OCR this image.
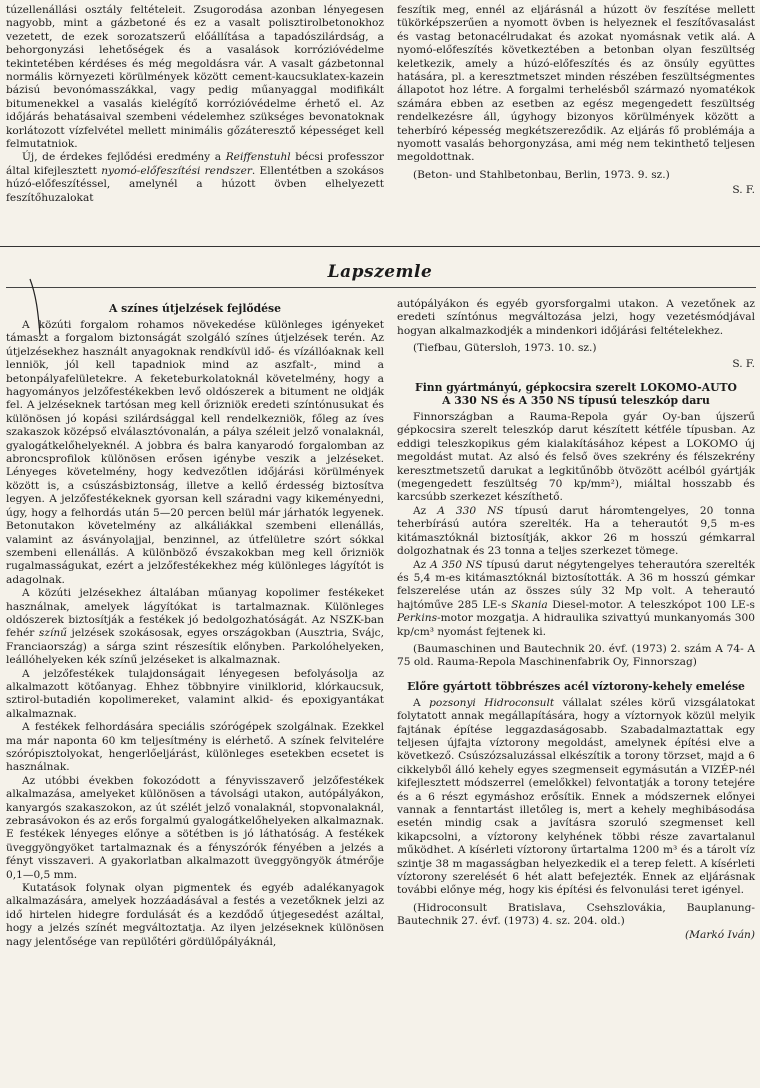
túzellenállási osztály feltételeit. Zsugorodása azonban lényegesen nagyobb, mint a gázbetoné és ez a vasalt polisztirolbetonokhoz vezetett, de ezek sorozatszerű előállítása a tapadószilárdság, a behorgonyzási lehetőségek és a vasalások korrózióvédelme tekintetében kérdéses és még megoldásra vár. A vasalt gázbetonnal normális környezeti körülmények között cement-kaucsuklatex-kazein bázisú bevonómasszákkal, vagy pedig műanyaggal modifikált bitumenekkel a vasalás kielégítő korrózióvédelme érhető el. Az időjárás behatásaival szembeni védelemhez szükséges bevonatoknak korlátozott vízfelvétel mellett minimális gőzáteresztő képességet kell felmutatniok.

Új, de érdekes fejlődési eredmény a Reiffenstuhl bécsi professzor által kifejlesztett nyomó-előfeszítési rendszer. Ellentétben a szokásos húzó-előfeszítéssel, amelynél a húzott övben elhelyezett feszítőhuzalokat

feszítik meg, ennél az eljárásnál a húzott öv feszítése mellett tükörképszerűen a nyomott övben is helyeznek el feszítővasalást és vastag betonacélrudakat és azokat nyomásnak vetik alá. A nyomó-előfeszítés következtében a betonban olyan feszültség keletkezik, amely a húzó-előfeszítés és az önsúly együttes hatására, pl. a keresztmetszet minden részében feszültségmentes állapotot hoz létre. A forgalmi terhelésből származó nyomatékok számára ebben az esetben az egész megengedett feszültség rendelkezésre áll, úgyhogy bizonyos körülmények között a teherbíró képesség megkétszereződik. Az eljárás fő problémája a nyomott vasalás behorgonyzása, ami még nem tekinthető teljesen megoldottnak.

(Beton- und Stahlbetonbau, Berlin, 1973. 9. sz.)

S. F.

Lapszemle
A színes útjelzések fejlődése

A közúti forgalom rohamos növekedése különleges igényeket támaszt a forgalom biztonságát szolgáló színes útjelzések terén. Az útjelzésekhez használt anyagoknak rendkívül idő- és vízállóaknak kell lenniök, jól kell tapadniok mind az aszfalt-, mind a betonpályafelületekre. A feketeburkolatoknál követelmény, hogy a hagyományos jelzőfestékekben levő oldószerek a bitument ne oldják fel. A jelzéseknek tartósan meg kell őrizniök eredeti színtónusukat és különösen jó kopási szilárdsággal kell rendelkezniök, főleg az íves szakaszok középső elválasztóvonalán, a pálya széleit jelző vonalaknál, gyalogátkelőhelyeknél. A jobbra és balra kanyarodó forgalomban az abroncsprofilok különösen erősen igénybe veszik a jelzéseket. Lényeges követelmény, hogy kedvezőtlen időjárási körülmények között is, a csúszásbiztonság, illetve a kellő érdesség biztosítva legyen. A jelzőfestékeknek gyorsan kell száradni vagy kikeményedni, úgy, hogy a felhordás után 5—20 percen belül már járhatók legyenek. Betonutakon követelmény az alkáliákkal szembeni ellenállás, valamint az ásványolajjal, benzinnel, az útfelületre szórt sókkal szembeni ellenállás. A különböző évszakokban meg kell őrizniök rugalmasságukat, ezért a jelzőfestékekhez még különleges lágyítót is adagolnak.

A közúti jelzésekhez általában műanyag kopolimer festékeket használnak, amelyek lágyítókat is tartalmaznak. Különleges oldószerek biztosítják a festékek jó bedolgozhatóságát. Az NSZK-ban fehér színű jelzések szokásosak, egyes országokban (Ausztria, Svájc, Franciaország) a sárga szint részesítik előnyben. Parkolóhelyeken, leállóhelyeken kék színű jelzéseket is alkalmaznak.

A jelzőfestékek tulajdonságait lényegesen befolyásolja az alkalmazott kötőanyag. Ehhez többnyire vinilklorid, klórkaucsuk, sztirol-butadién kopolimereket, valamint alkid- és epoxigyantákat alkalmaznak.

A festékek felhordására speciális szórógépek szolgálnak. Ezekkel ma már naponta 60 km teljesítmény is elérhető. A színek felvitelére szórópisztolyokat, hengerlőeljárást, különleges esetekben ecsetet is használnak.

Az utóbbi években fokozódott a fényvisszaverő jelzőfestékek alkalmazása, amelyeket különösen a távolsági utakon, autópályákon, kanyargós szakaszokon, az út szélét jelző vonalaknál, stopvonalaknál, zebrasávokon és az erős forgalmú gyalogátkelőhelyeken alkalmaznak. E festékek lényeges előnye a sötétben is jó láthatóság. A festékek üveggyöngyöket tartalmaznak és a fényszórók fényében a jelzés a fényt visszaveri. A gyakorlatban alkalmazott üveggyöngyök átmérője 0,1—0,5 mm.

Kutatások folynak olyan pigmentek és egyéb adalékanyagok alkalmazására, amelyek hozzáadásával a festés a vezetőknek jelzi az idő hirtelen hidegre fordulását és a kezdődő útjegesedést azáltal, hogy a jelzés színét megváltoztatja. Az ilyen jelzéseknek különösen nagy jelentősége van repülőtéri gördülőpályáknál,

autópályákon és egyéb gyorsforgalmi utakon. A vezetőnek az eredeti színtónus megváltozása jelzi, hogy vezetésmódjával hogyan alkalmazkodjék a mindenkori időjárási feltételekhez.

(Tiefbau, Gütersloh, 1973. 10. sz.)

S. F.

Finn gyártmányú, gépkocsira szerelt LOKOMO-AUTO
A 330 NS és A 350 NS típusú teleszkóp daru

Finnországban a Rauma-Repola gyár Oy-ban újszerű gépkocsira szerelt teleszkóp darut készített kétféle típusban. Az eddigi teleszkopikus gém kialakításához képest a LOKOMO új megoldást mutat. Az alsó és felső öves szekrény és félszekrény keresztmetszetű darukat a legkitűnőbb ötvözött acélból gyártják (megengedett feszültség 70 kp/mm²), miáltal hosszabb és karcsúbb szerkezet készíthető.

Az A 330 NS típusú darut háromtengelyes, 20 tonna teherbírású autóra szerelték. Ha a teherautót 9,5 m-es kitámasztóknál biztosítják, akkor 26 m hosszú gémkarral dolgozhatnak és 23 tonna a teljes szerkezet tömege.

Az A 350 NS típusú darut négytengelyes teherautóra szerelték és 5,4 m-es kitámasztóknál biztosították. A 36 m hosszú gémkar felszerelése után az összes súly 32 Mp volt. A teherautó hajtóműve 285 LE-s Skania Diesel-motor. A teleszkópot 100 LE-s Perkins-motor mozgatja. A hidraulika szivattyú munkanyomás 300 kp/cm³ nyomást fejtenek ki.

(Baumaschinen und Bautechnik 20. évf. (1973) 2. szám A 74- A 75 old. Rauma-Repola Maschinenfabrik Oy, Finnorszag)

Előre gyártott többrészes acél víztorony-kehely emelése

A pozsonyi Hidroconsult vállalat széles körű vizsgálatokat folytatott annak megállapítására, hogy a víztornyok közül melyik fajtának építése leggazdaságosabb. Szabadalmaztattak egy teljesen újfajta víztorony megoldást, amelynek építési elve a következő. Csúszózsaluzással elkészítik a torony törzset, majd a 6 cikkelyből álló kehely egyes szegmenseit egymásután a VIZÉP-nél kifejlesztett módszerrel (emelőkkel) felvontatják a torony tetejére és a 6 részt egymáshoz erősítik. Ennek a módszernek előnyei vannak a fenntartást illetőleg is, mert a kehely meghibásodása esetén mindig csak a javításra szoruló szegmenset kell kikapcsolni, a víztorony kelyhének többi része zavartalanul működhet. A kísérleti víztorony űrtartalma 1200 m³ és a tárolt víz szintje 38 m magasságban helyezkedik el a terep felett. A kísérleti víztorony szerelését 6 hét alatt befejezték. Ennek az eljárásnak további előnye még, hogy kis építési és felvonulási teret igényel.

(Hidroconsult Bratislava, Csehszlovákia, Bauplanung-Bautechnik 27. évf. (1973) 4. sz. 204. old.)

(Markó Iván)
